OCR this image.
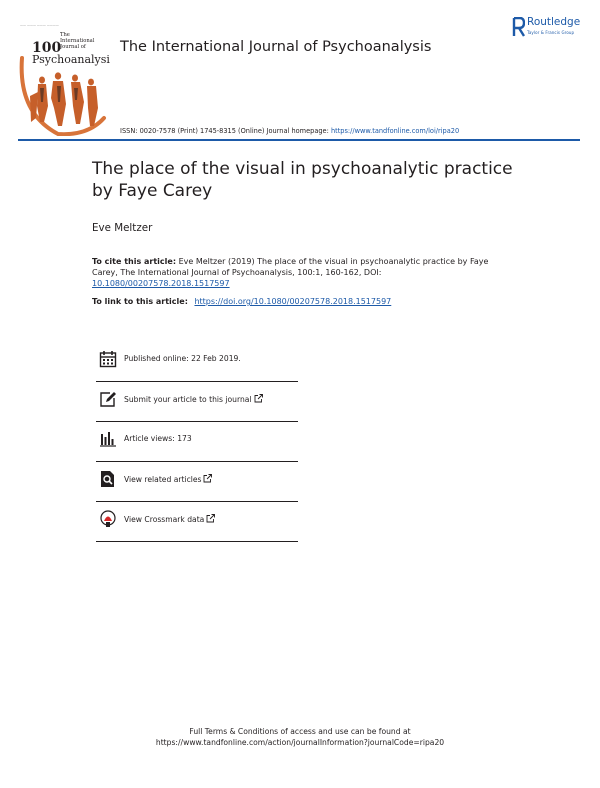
—— ——— ——— ————
100
The
International
Journal of
Psychoanalysis
The International Journal of Psychoanalysis
Routledge
Taylor & Francis Group
ISSN: 0020-7578 (Print) 1745-8315 (Online) Journal homepage: https://www.tandfonline.com/loi/ripa20
The place of the visual in psychoanalytic practice by Faye Carey
Eve Meltzer
To cite this article: Eve Meltzer (2019) The place of the visual in psychoanalytic practice by Faye Carey, The International Journal of Psychoanalysis, 100:1, 160-162, DOI: 10.1080/00207578.2018.1517597
To link to this article: https://doi.org/10.1080/00207578.2018.1517597
Published online: 22 Feb 2019.
Submit your article to this journal
Article views: 173
View related articles
View Crossmark data
Full Terms & Conditions of access and use can be found at
https://www.tandfonline.com/action/journalInformation?journalCode=ripa20
